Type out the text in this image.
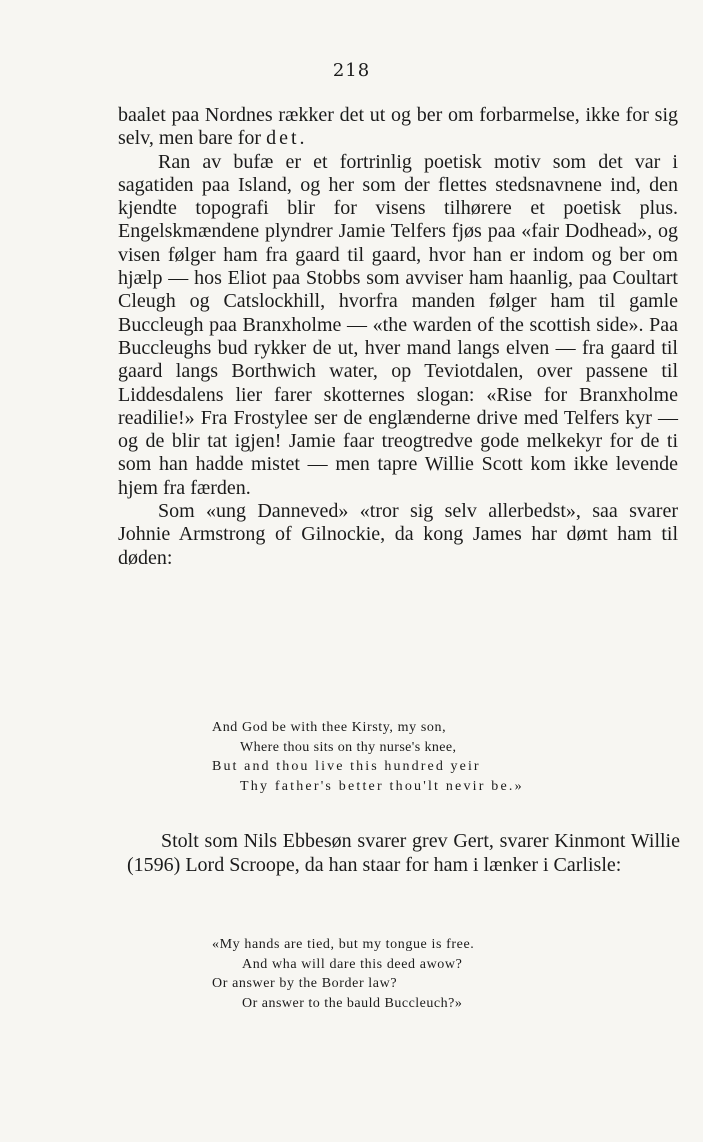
218

baalet paa Nordnes rækker det ut og ber om forbarmelse, ikke for sig selv, men bare for det.

Ran av bufæ er et fortrinlig poetisk motiv som det var i sagatiden paa Island, og her som der flettes stedsnavnene ind, den kjendte topografi blir for visens tilhørere et poetisk plus. Engelskmændene plyndrer Jamie Telfers fjøs paa «fair Dodhead», og visen følger ham fra gaard til gaard, hvor han er indom og ber om hjælp — hos Eliot paa Stobbs som avviser ham haanlig, paa Coultart Cleugh og Catslockhill, hvorfra manden følger ham til gamle Buccleugh paa Branxholme — «the warden of the scottish side». Paa Buccleughs bud rykker de ut, hver mand langs elven — fra gaard til gaard langs Borthwich water, op Teviotdalen, over passene til Liddesdalens lier farer skotternes slogan: «Rise for Branxholme readilie!» Fra Frostylee ser de englænderne drive med Telfers kyr — og de blir tat igjen! Jamie faar treogtredve gode melkekyr for de ti som han hadde mistet — men tapre Willie Scott kom ikke levende hjem fra færden.

Som «ung Danneved» «tror sig selv allerbedst», saa svarer Johnie Armstrong of Gilnockie, da kong James har dømt ham til døden:

And God be with thee Kirsty, my son,
Where thou sits on thy nurse's knee,
But and thou live this hundred yeir
Thy father's better thou'lt nevir be.»

Stolt som Nils Ebbesøn svarer grev Gert, svarer Kinmont Willie (1596) Lord Scroope, da han staar for ham i lænker i Carlisle:

«My hands are tied, but my tongue is free.
And wha will dare this deed awow?
Or answer by the Border law?
Or answer to the bauld Buccleuch?»
